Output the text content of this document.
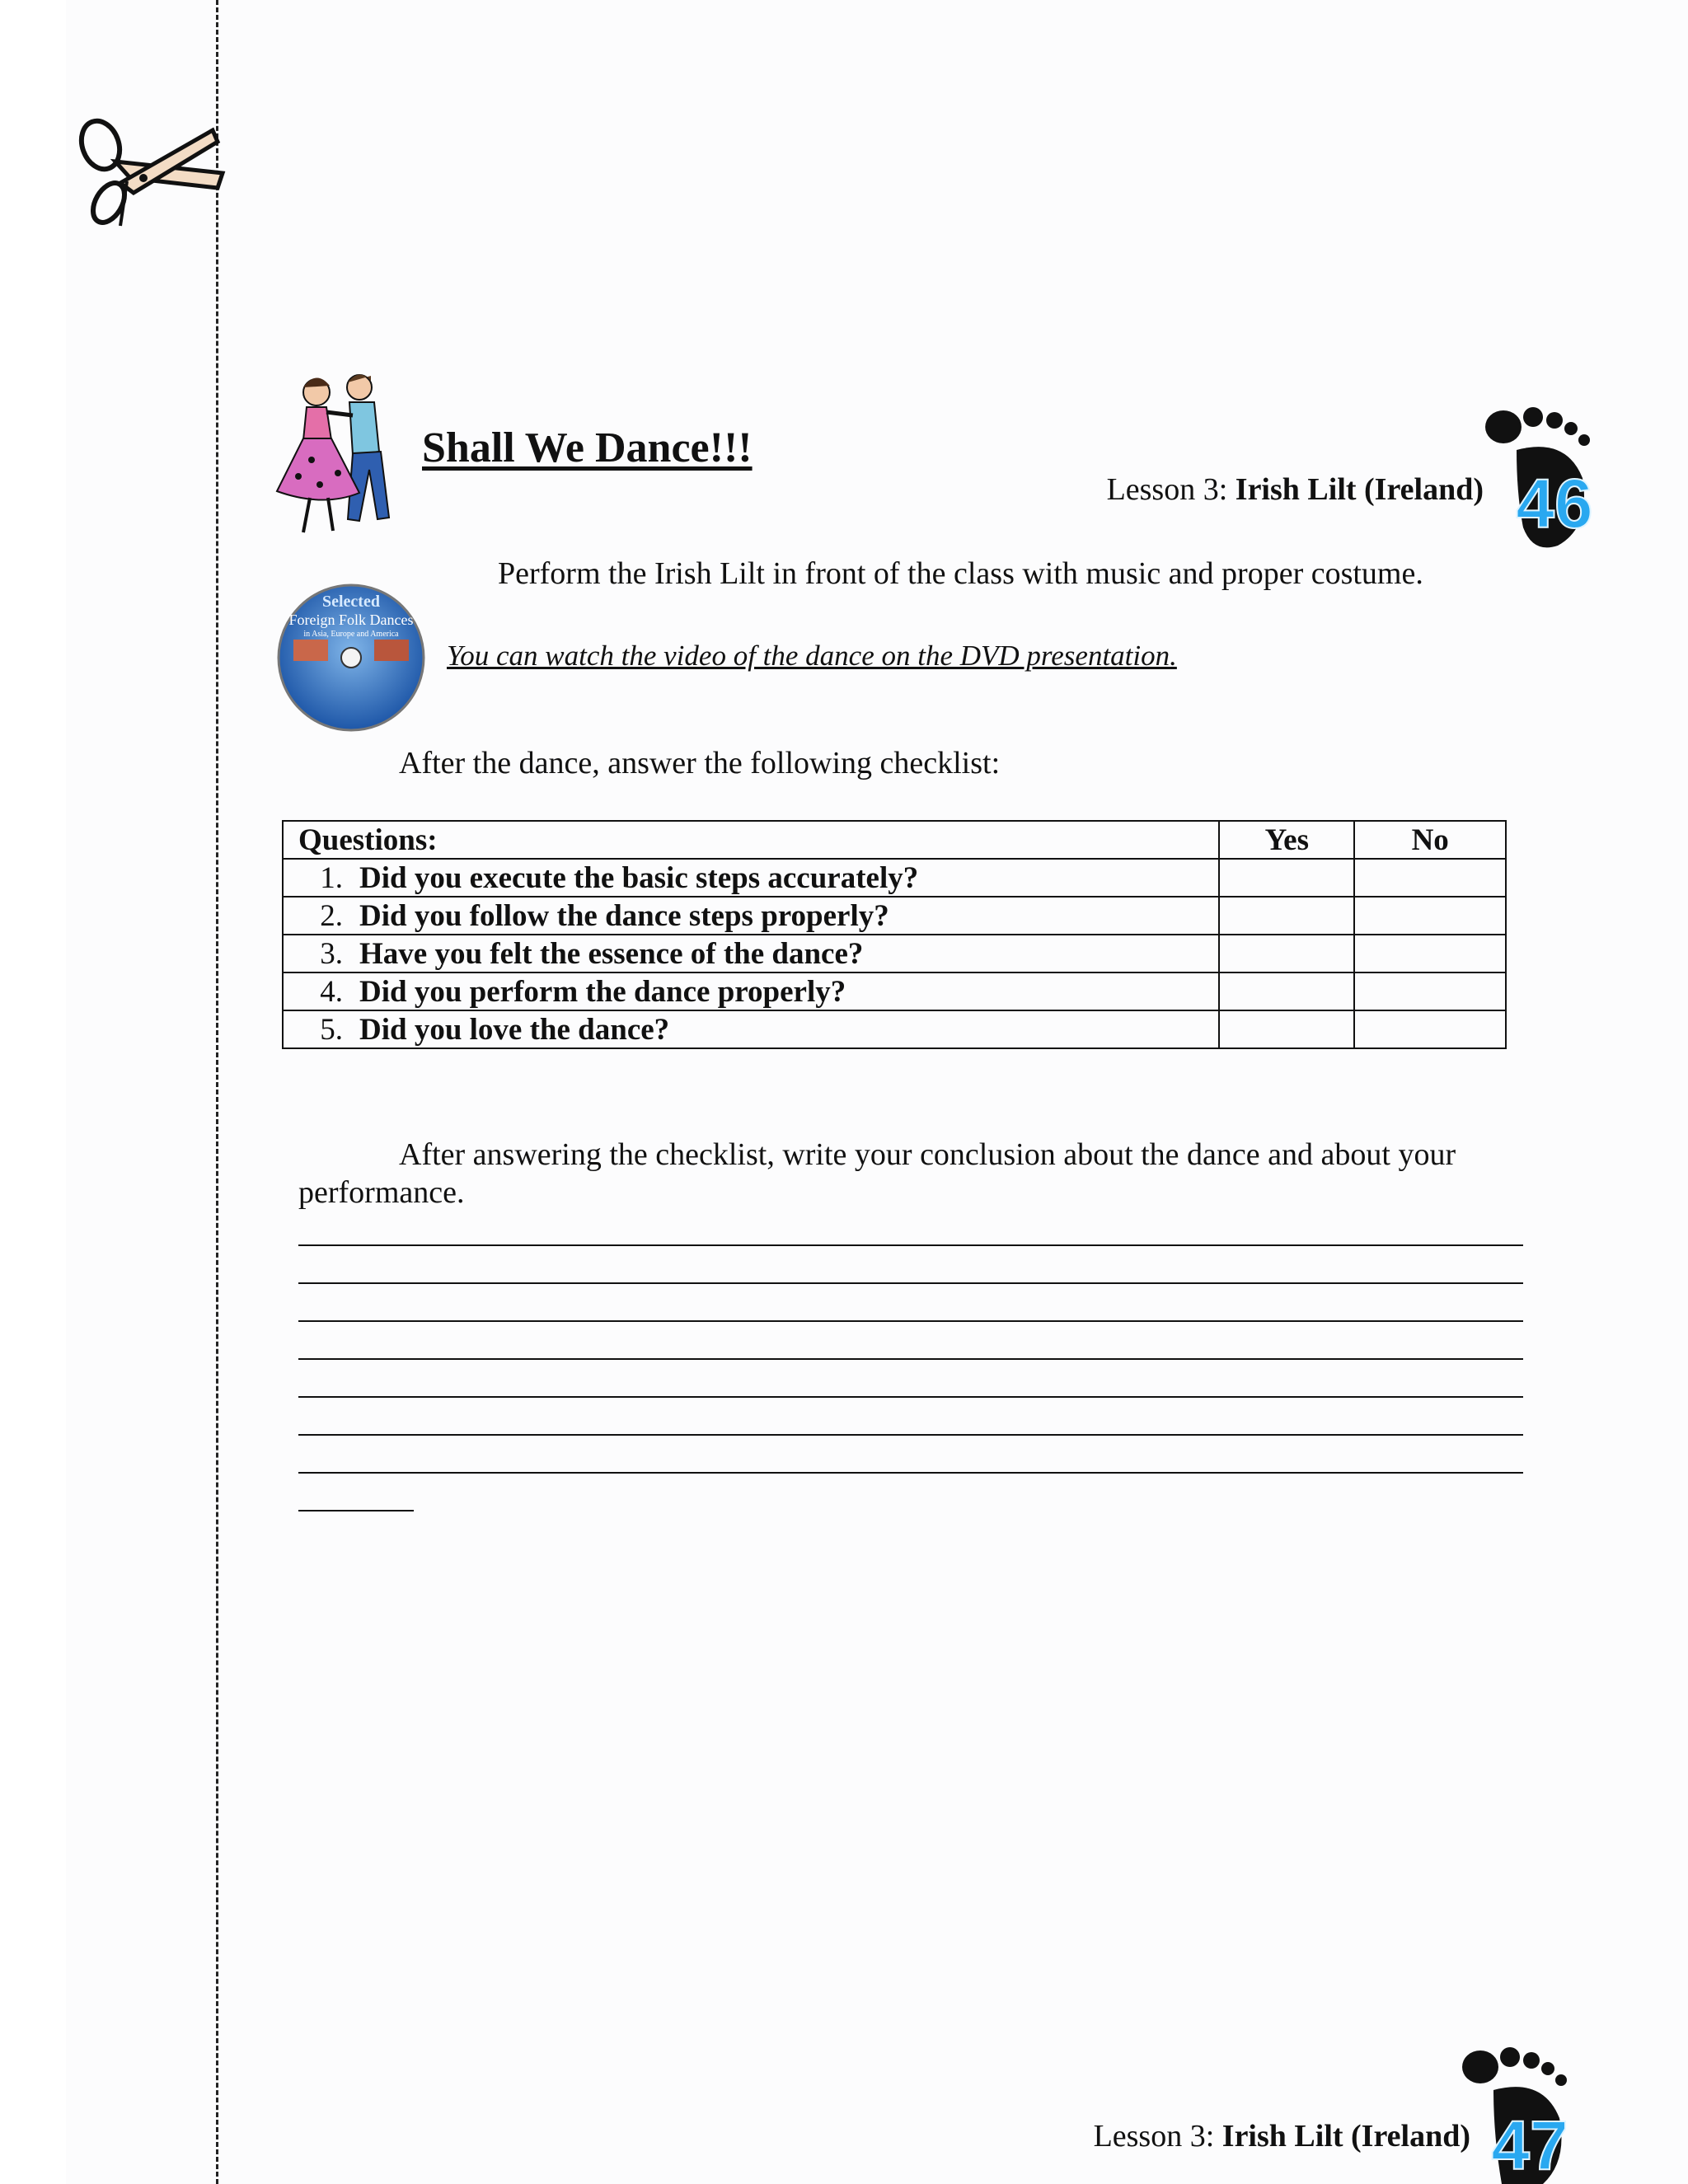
Shall We Dance!!!
Lesson 3: Irish Lilt (Ireland) 46
Perform the Irish Lilt in front of the class with music and proper costume.
Selected
Foreign Folk Dances
in Asia, Europe and America
You can watch the video of the dance on the DVD presentation.
After the dance, answer the following checklist:
Questions:	Yes	No
1. Did you execute the basic steps accurately?		
2. Did you follow the dance steps properly?		
3. Have you felt the essence of the dance?		
4. Did you perform the dance properly?		
5. Did you love the dance?		
After answering the checklist, write your conclusion about the dance and about your performance.
Lesson 3: Irish Lilt (Ireland) 47
